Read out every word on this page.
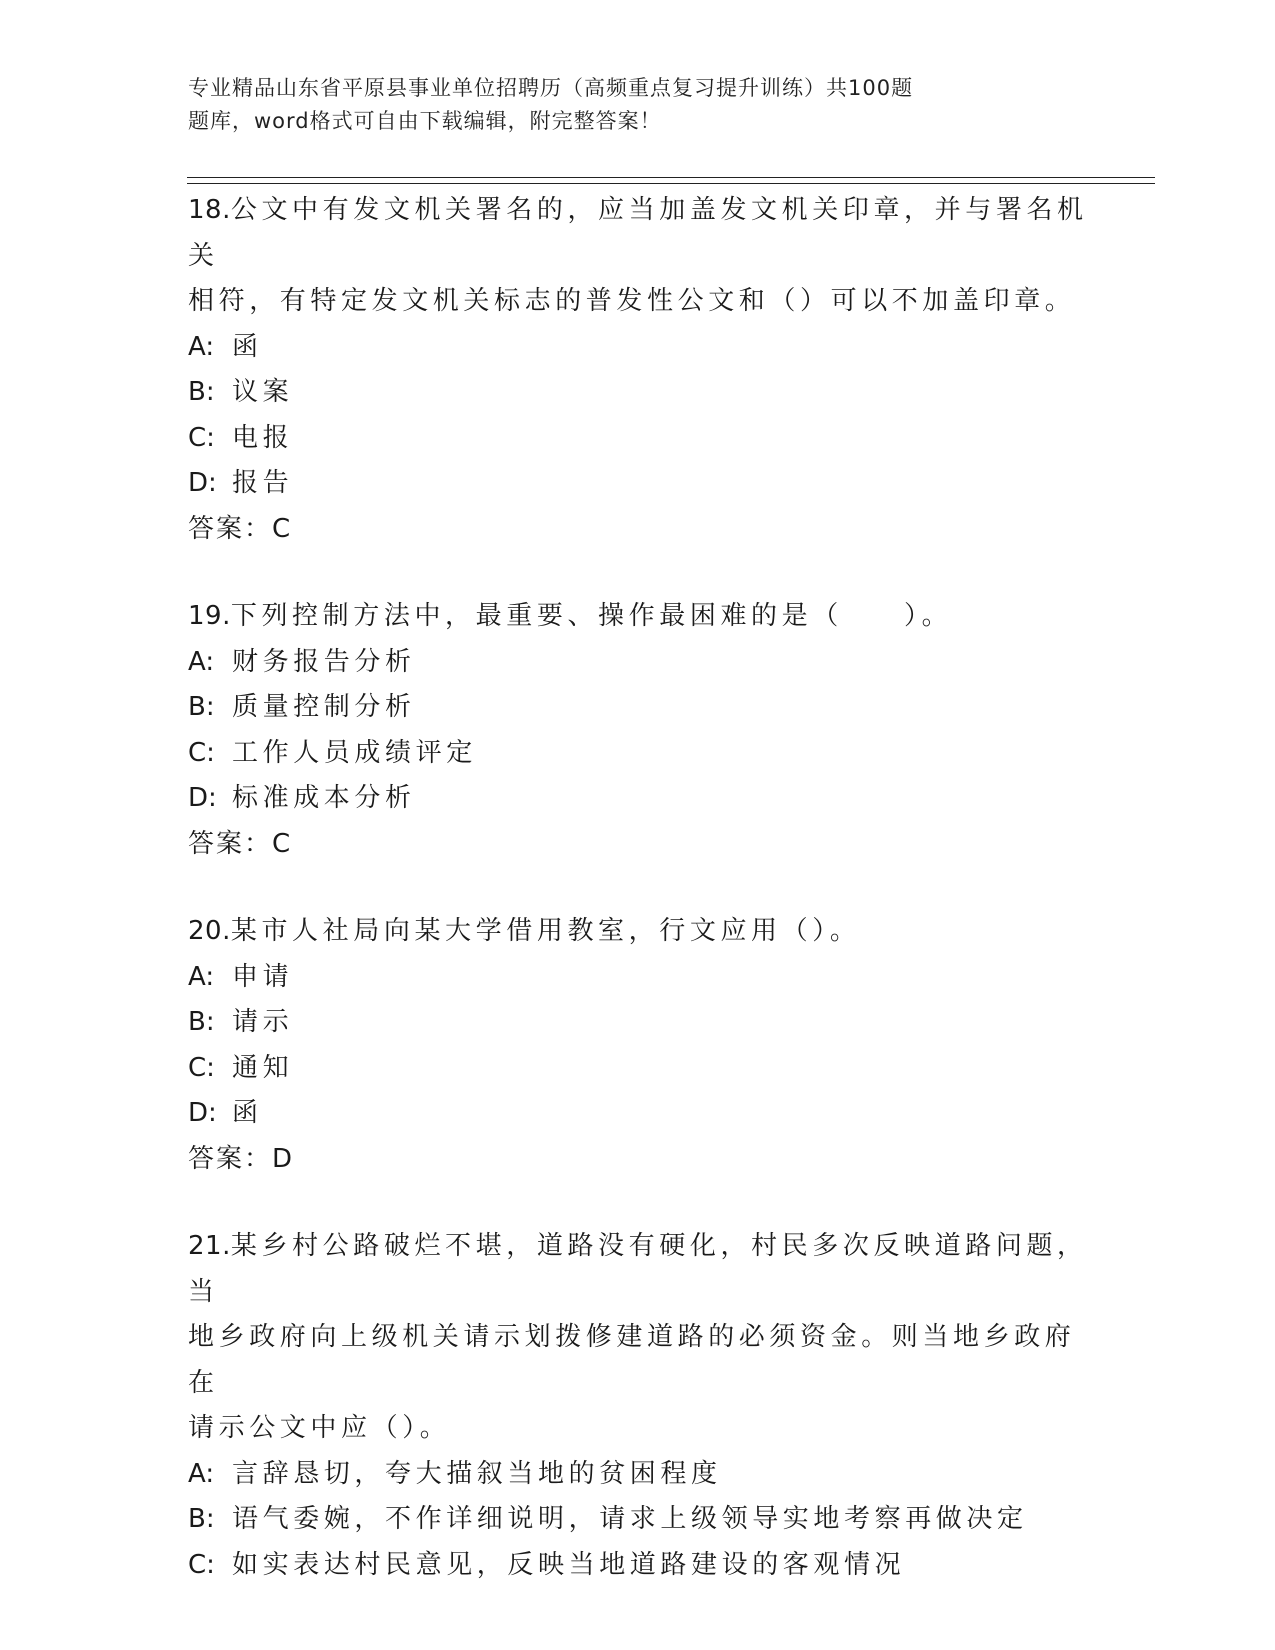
专业精品山东省平原县事业单位招聘历（高频重点复习提升训练）共100题
题库，word格式可自由下载编辑，附完整答案！

18.公文中有发文机关署名的，应当加盖发文机关印章，并与署名机关

相符，有特定发文机关标志的普发性公文和（）可以不加盖印章。

A: 函

B: 议案

C: 电报

D: 报告

答案：C

19.下列控制方法中，最重要、操作最困难的是（　　）。

A: 财务报告分析

B: 质量控制分析

C: 工作人员成绩评定

D: 标准成本分析

答案：C

20.某市人社局向某大学借用教室，行文应用（）。

A: 申请

B: 请示

C: 通知

D: 函

答案：D

21.某乡村公路破烂不堪，道路没有硬化，村民多次反映道路问题，当

地乡政府向上级机关请示划拨修建道路的必须资金。则当地乡政府在

请示公文中应（）。

A: 言辞恳切，夸大描叙当地的贫困程度

B: 语气委婉，不作详细说明，请求上级领导实地考察再做决定

C: 如实表达村民意见，反映当地道路建设的客观情况
